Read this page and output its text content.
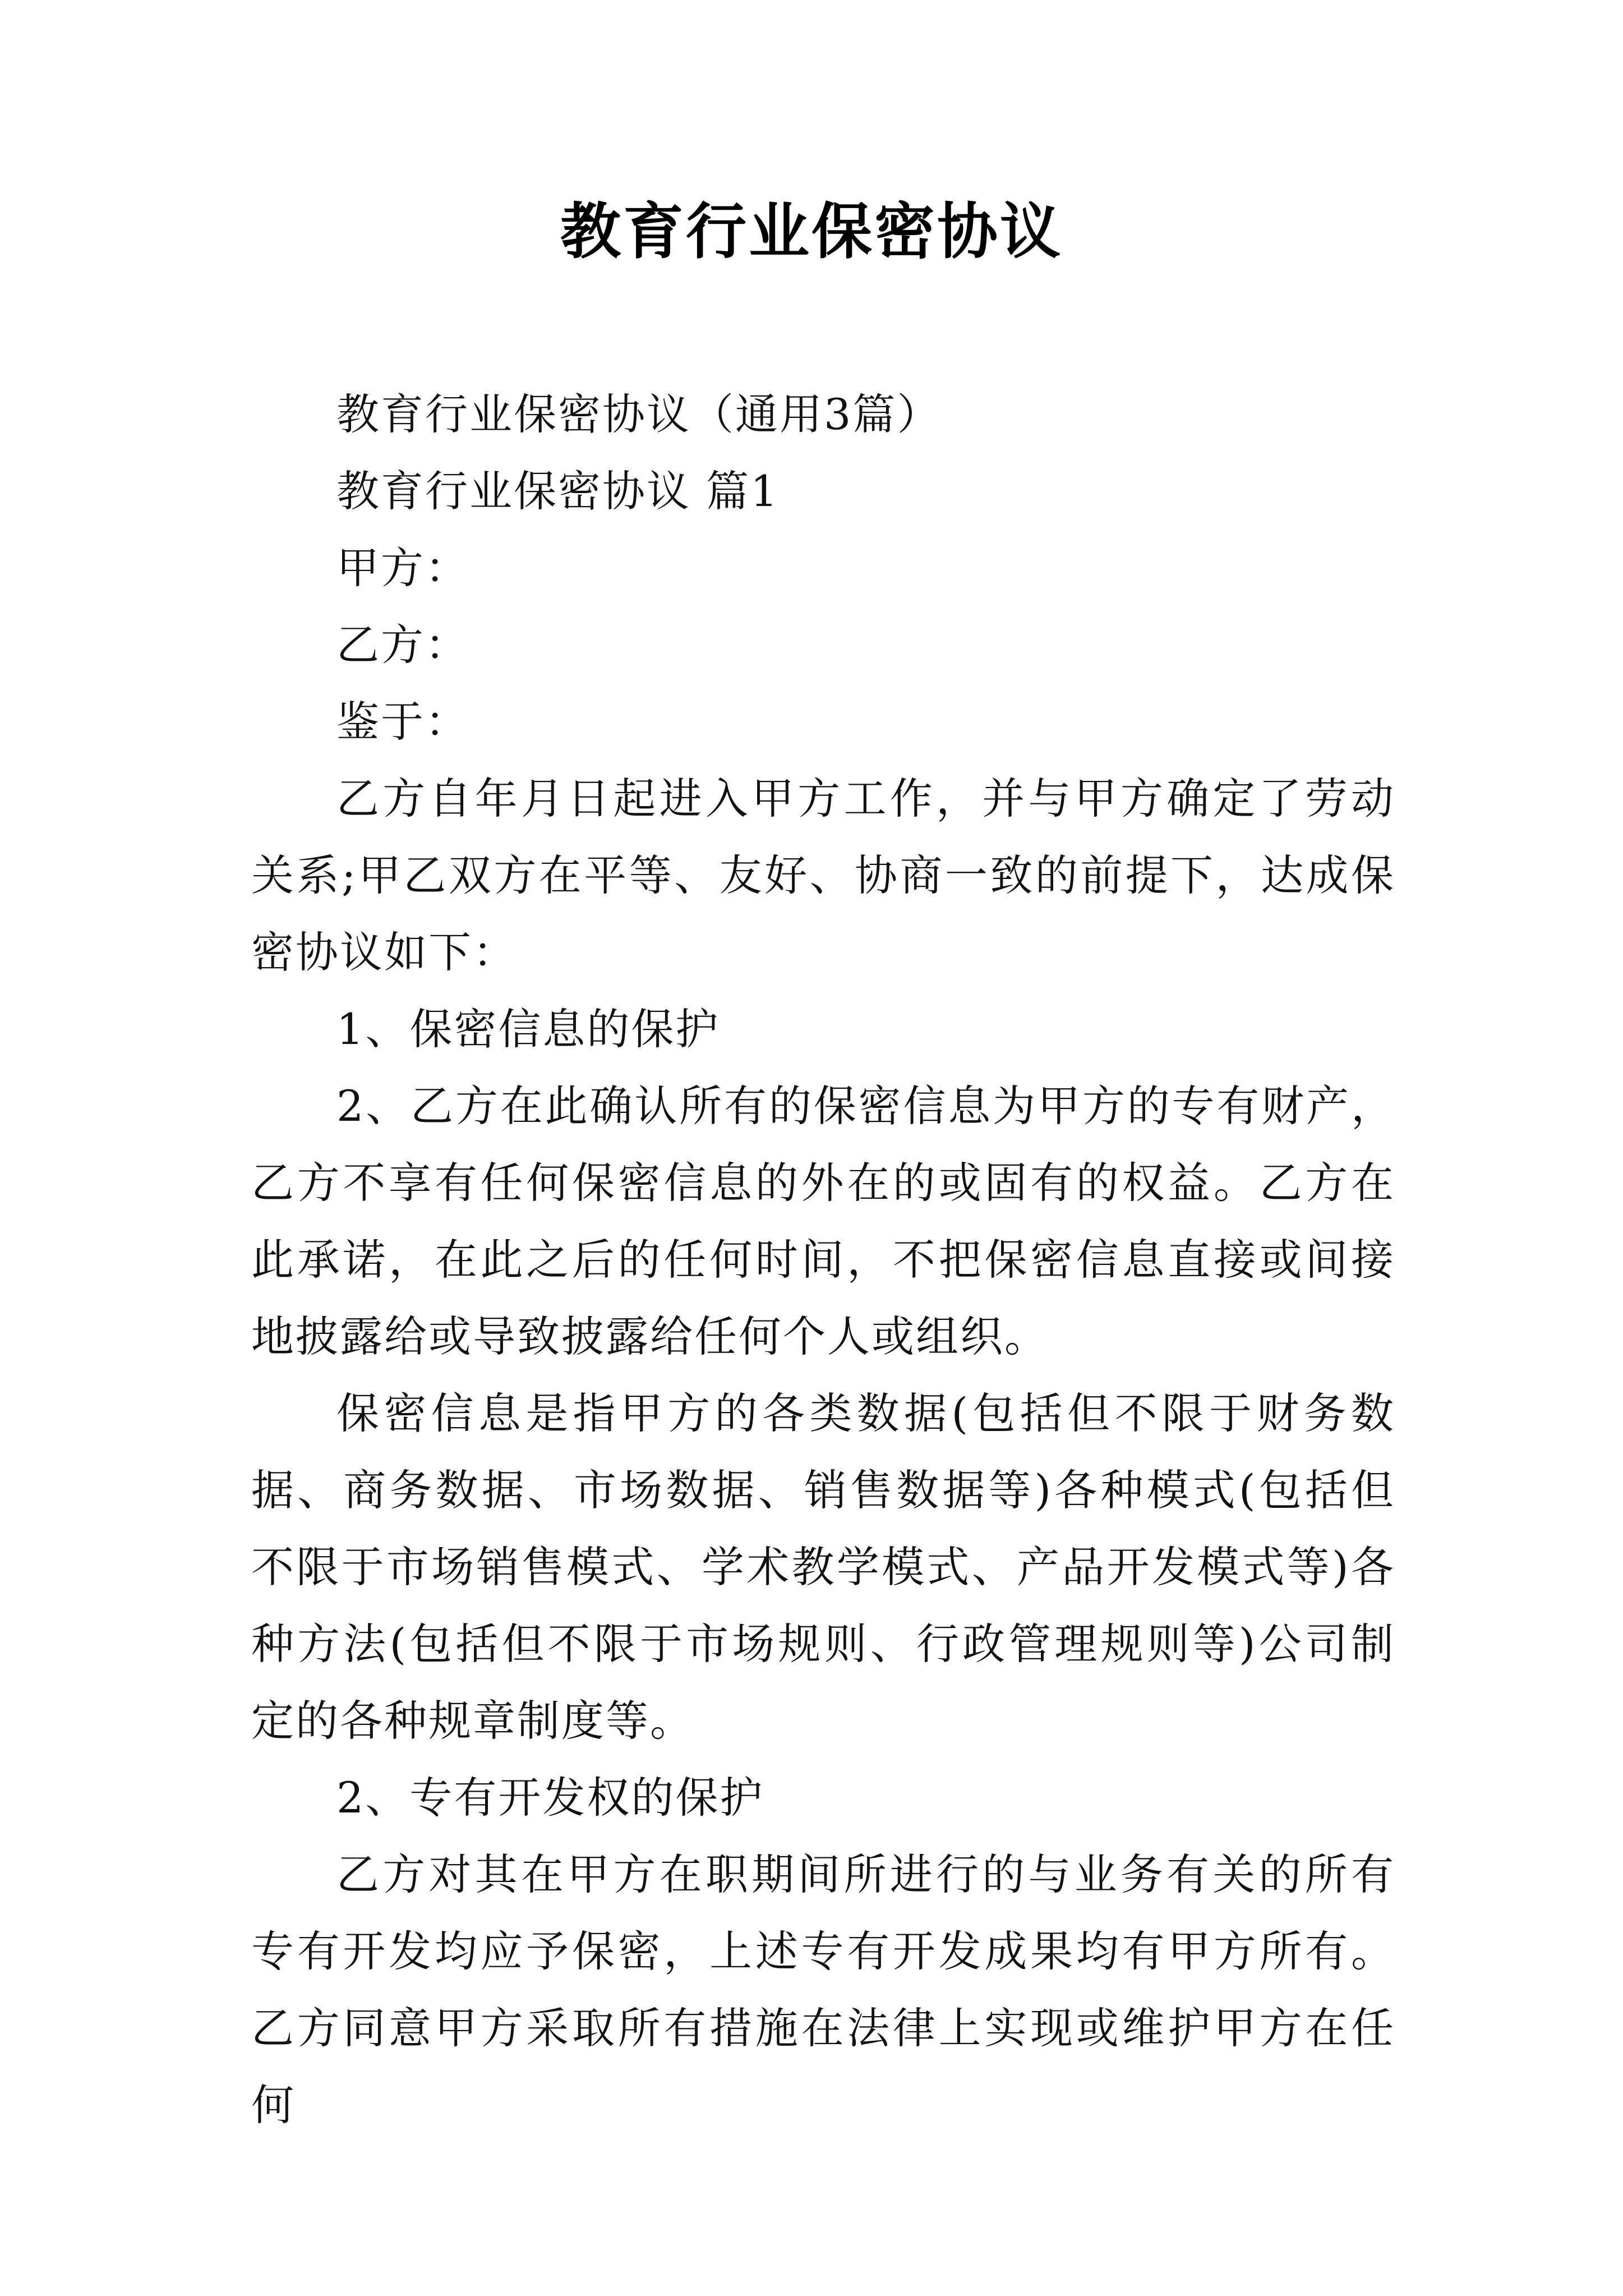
教育行业保密协议

教育行业保密协议（通用3篇）

教育行业保密协议 篇1

甲方：

乙方：

鉴于：

乙方自年月日起进入甲方工作，并与甲方确定了劳动关系;甲乙双方在平等、友好、协商一致的前提下，达成保密协议如下：

1、保密信息的保护

2、乙方在此确认所有的保密信息为甲方的专有财产，乙方不享有任何保密信息的外在的或固有的权益。乙方在此承诺，在此之后的任何时间，不把保密信息直接或间接地披露给或导致披露给任何个人或组织。

保密信息是指甲方的各类数据(包括但不限于财务数据、商务数据、市场数据、销售数据等)各种模式(包括但不限于市场销售模式、学术教学模式、产品开发模式等)各种方法(包括但不限于市场规则、行政管理规则等)公司制定的各种规章制度等。

2、专有开发权的保护

乙方对其在甲方在职期间所进行的与业务有关的所有专有开发均应予保密，上述专有开发成果均有甲方所有。乙方同意甲方采取所有措施在法律上实现或维护甲方在任何
